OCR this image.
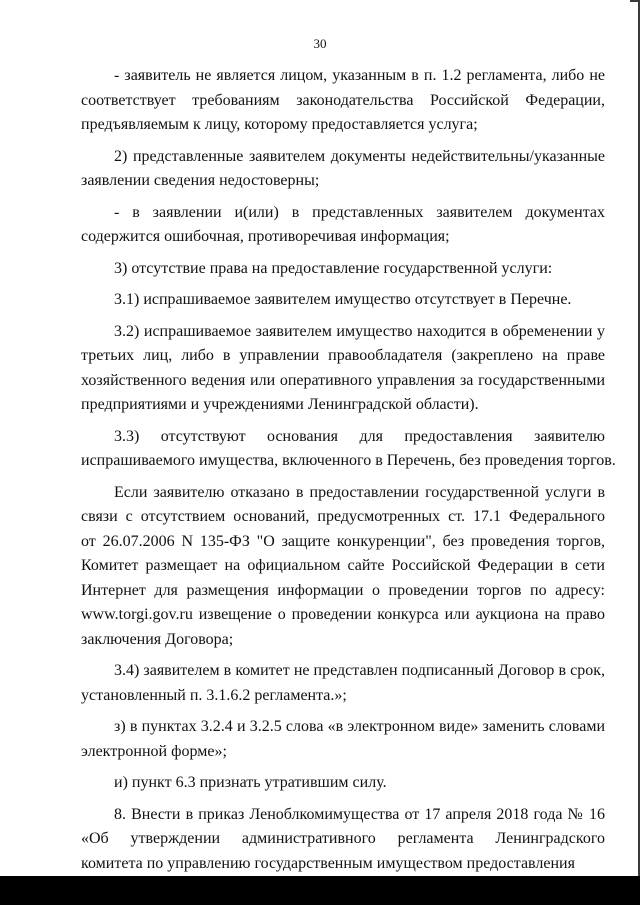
30
- заявитель не является лицом, указанным в п. 1.2 регламента, либо не
соответствует требованиям законодательства Российской Федерации,
предъявляемым к лицу, которому предоставляется услуга;
2) представленные заявителем документы недействительны/указанные
заявлении сведения недостоверны;
- в заявлении и(или) в представленных заявителем документах
содержится ошибочная, противоречивая информация;
3) отсутствие права на предоставление государственной услуги:
3.1) испрашиваемое заявителем имущество отсутствует в Перечне.
3.2) испрашиваемое заявителем имущество находится в обременении у
третьих лиц, либо в управлении правообладателя (закреплено на праве
хозяйственного ведения или оперативного управления за государственными
предприятиями и учреждениями Ленинградской области).
3.3) отсутствуют основания для предоставления заявителю
испрашиваемого имущества, включенного в Перечень, без проведения торгов.
Если заявителю отказано в предоставлении государственной услуги в
связи с отсутствием оснований, предусмотренных ст. 17.1 Федерального
от 26.07.2006 N 135-ФЗ "О защите конкуренции", без проведения торгов,
Комитет размещает на официальном сайте Российской Федерации в сети
Интернет для размещения информации о проведении торгов по адресу:
www.torgi.gov.ru извещение о проведении конкурса или аукциона на право
заключения Договора;
3.4) заявителем в комитет не представлен подписанный Договор в срок,
установленный п. 3.1.6.2 регламента.»;
з) в пунктах 3.2.4 и 3.2.5 слова «в электронном виде» заменить словами
электронной форме»;
и) пункт 6.3 признать утратившим силу.
8. Внести в приказ Леноблкомимущества от 17 апреля 2018 года № 16
«Об утверждении административного регламента Ленинградского
комитета по управлению государственным имуществом предоставления
